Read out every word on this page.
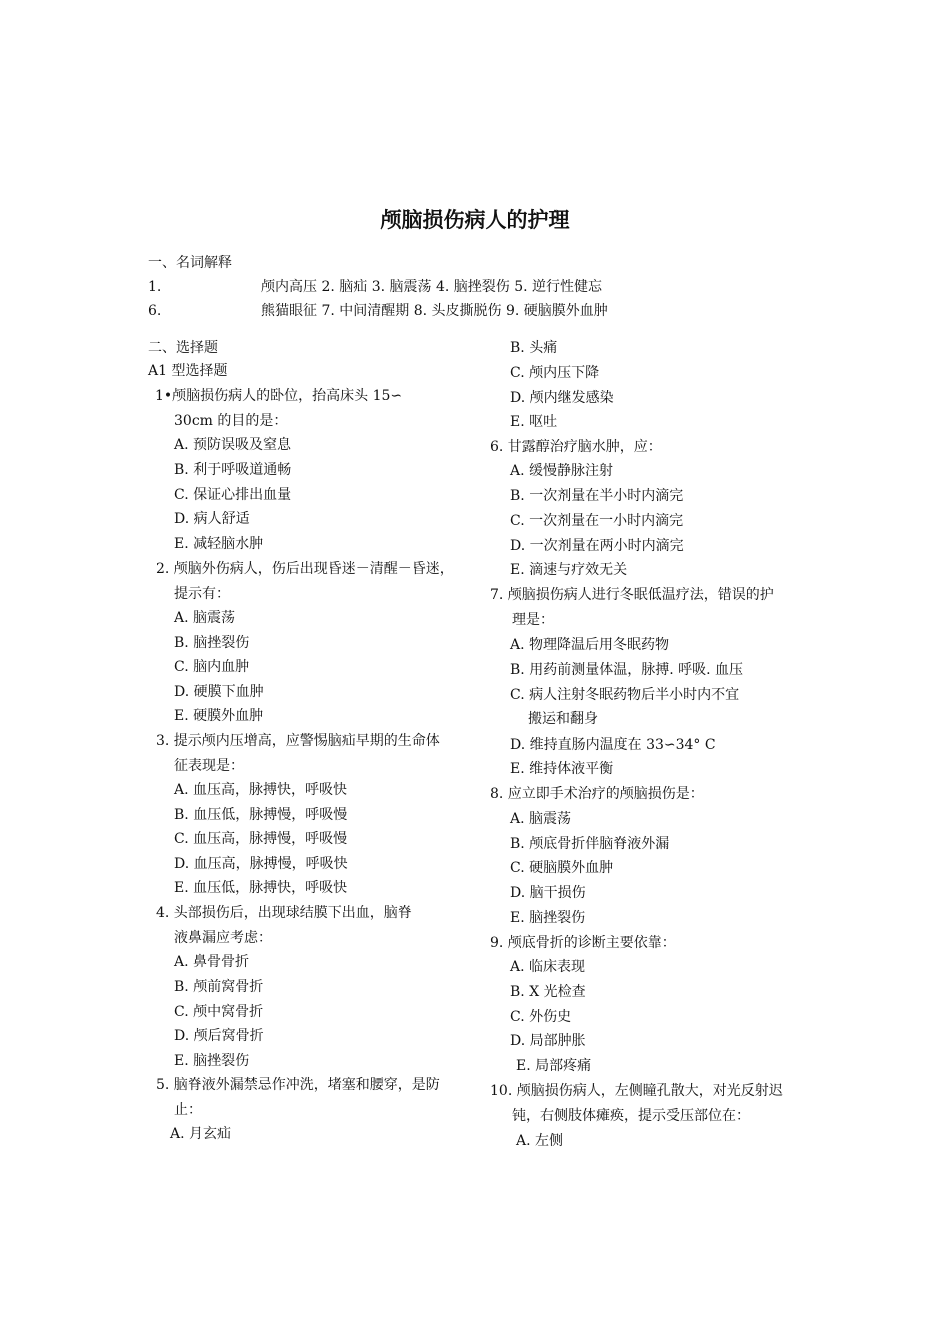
颅脑损伤病人的护理
一、名词解释
1.	颅内高压 2. 脑疝 3. 脑震荡 4. 脑挫裂伤 5. 逆行性健忘
6.	熊猫眼征 7. 中间清醒期 8. 头皮撕脱伤 9. 硬脑膜外血肿
二、选择题
A1 型选择题
1•颅脑损伤病人的卧位，抬高床头 15∽
30cm 的目的是：
A. 预防误吸及窒息
B. 利于呼吸道通畅
C. 保证心排出血量
D. 病人舒适
E. 减轻脑水肿
2. 颅脑外伤病人，伤后出现昏迷－清醒－昏迷，
提示有：
A. 脑震荡
B. 脑挫裂伤
C. 脑内血肿
D. 硬膜下血肿
E. 硬膜外血肿
3. 提示颅内压增高，应警惕脑疝早期的生命体
征表现是：
A. 血压高，脉搏快，呼吸快
B. 血压低，脉搏慢，呼吸慢
C. 血压高，脉搏慢，呼吸慢
D. 血压高，脉搏慢，呼吸快
E. 血压低，脉搏快，呼吸快
4. 头部损伤后，出现球结膜下出血，脑脊
液鼻漏应考虑：
A. 鼻骨骨折
B. 颅前窝骨折
C. 颅中窝骨折
D. 颅后窝骨折
E. 脑挫裂伤
5. 脑脊液外漏禁忌作冲洗，堵塞和腰穿，是防
止：
A. 月玄疝
B. 头痛
C. 颅内压下降
D. 颅内继发感染
E. 呕吐
6. 甘露醇治疗脑水肿，应：
A. 缓慢静脉注射
B. 一次剂量在半小时内滴完
C. 一次剂量在一小时内滴完
D. 一次剂量在两小时内滴完
E. 滴速与疗效无关
7. 颅脑损伤病人进行冬眠低温疗法，错误的护
理是：
A. 物理降温后用冬眠药物
B. 用药前测量体温，脉搏. 呼吸. 血压
C. 病人注射冬眠药物后半小时内不宜
搬运和翻身
D. 维持直肠内温度在 33∽34° C
E. 维持体液平衡
8. 应立即手术治疗的颅脑损伤是：
A. 脑震荡
B. 颅底骨折伴脑脊液外漏
C. 硬脑膜外血肿
D. 脑干损伤
E. 脑挫裂伤
9. 颅底骨折的诊断主要依靠：
A. 临床表现
B. X 光检查
C. 外伤史
D. 局部肿胀
E. 局部疼痛
10. 颅脑损伤病人，左侧瞳孔散大，对光反射迟
钝，右侧肢体瘫痪，提示受压部位在：
A. 左侧
